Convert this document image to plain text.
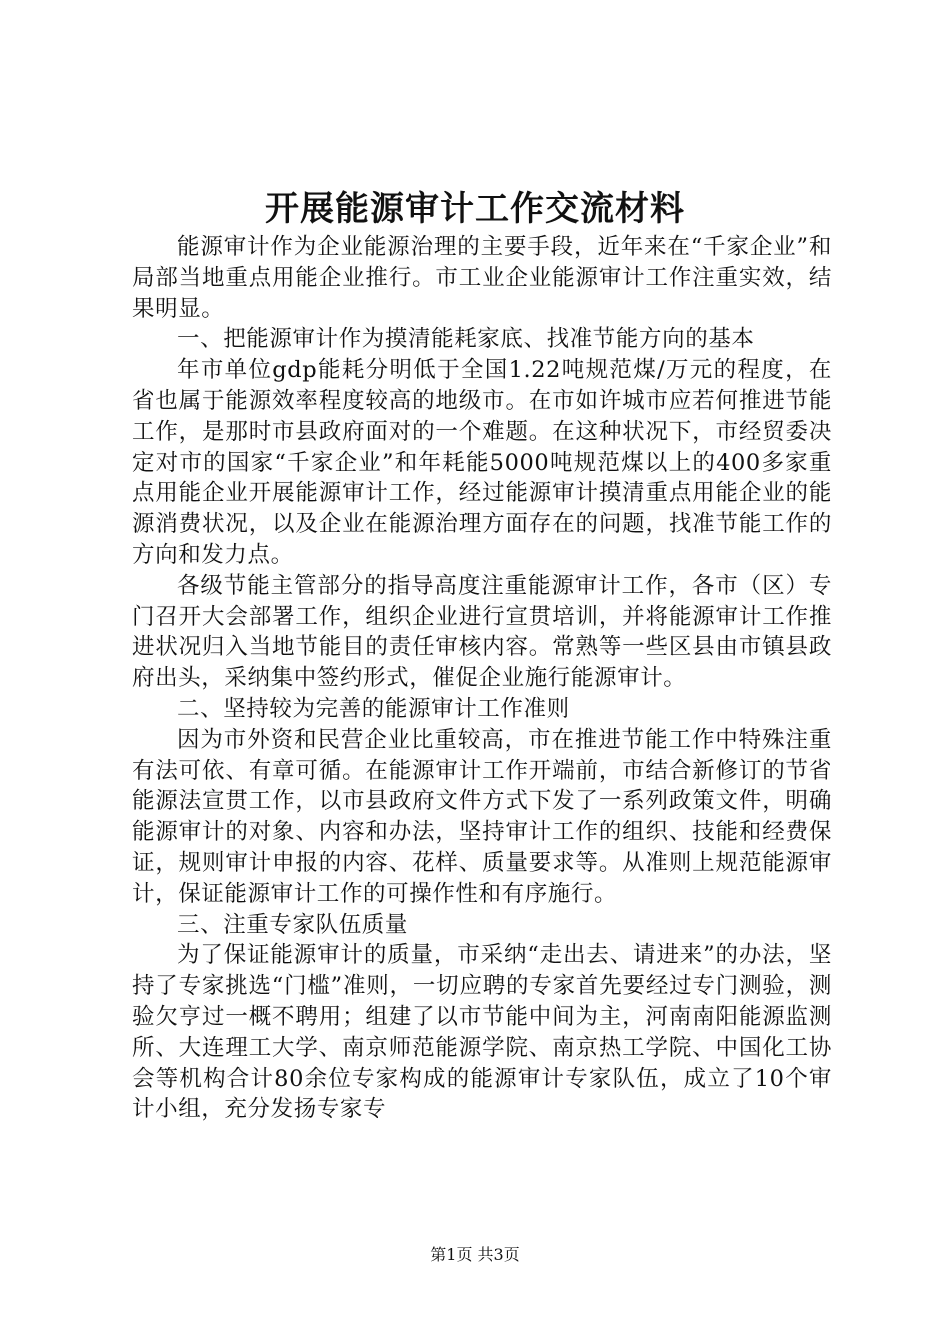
开展能源审计工作交流材料

能源审计作为企业能源治理的主要手段，近年来在“千家企业”和局部当地重点用能企业推行。市工业企业能源审计工作注重实效，结果明显。

一、把能源审计作为摸清能耗家底、找准节能方向的基本

年市单位gdp能耗分明低于全国1.22吨规范煤/万元的程度，在省也属于能源效率程度较高的地级市。在市如许城市应若何推进节能工作，是那时市县政府面对的一个难题。在这种状况下，市经贸委决定对市的国家“千家企业”和年耗能5000吨规范煤以上的400多家重点用能企业开展能源审计工作，经过能源审计摸清重点用能企业的能源消费状况，以及企业在能源治理方面存在的问题，找准节能工作的方向和发力点。

各级节能主管部分的指导高度注重能源审计工作，各市（区）专门召开大会部署工作，组织企业进行宣贯培训，并将能源审计工作推进状况归入当地节能目的责任审核内容。常熟等一些区县由市镇县政府出头，采纳集中签约形式，催促企业施行能源审计。

二、坚持较为完善的能源审计工作准则

因为市外资和民营企业比重较高，市在推进节能工作中特殊注重有法可依、有章可循。在能源审计工作开端前，市结合新修订的节省能源法宣贯工作，以市县政府文件方式下发了一系列政策文件，明确能源审计的对象、内容和办法，坚持审计工作的组织、技能和经费保证，规则审计申报的内容、花样、质量要求等。从准则上规范能源审计，保证能源审计工作的可操作性和有序施行。

三、注重专家队伍质量

为了保证能源审计的质量，市采纳“走出去、请进来”的办法，坚持了专家挑选“门槛”准则，一切应聘的专家首先要经过专门测验，测验欠亨过一概不聘用；组建了以市节能中间为主，河南南阳能源监测所、大连理工大学、南京师范能源学院、南京热工学院、中国化工协会等机构合计80余位专家构成的能源审计专家队伍，成立了10个审计小组，充分发扬专家专

第1页 共3页
